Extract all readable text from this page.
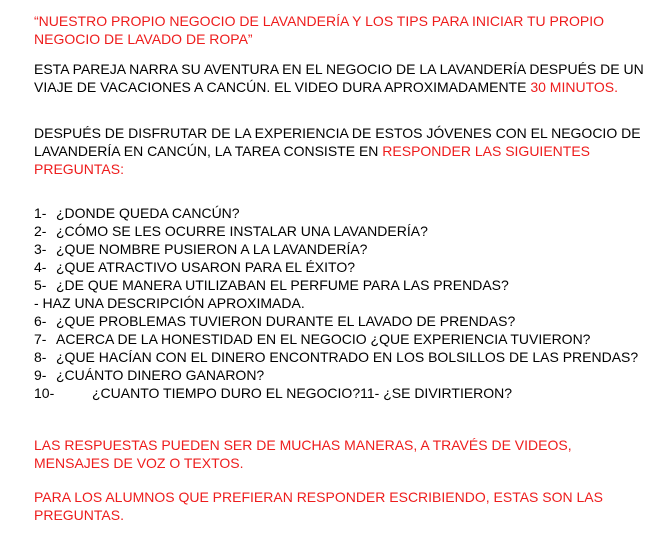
“NUESTRO PROPIO NEGOCIO DE LAVANDERÍA Y LOS TIPS PARA INICIAR TU PROPIO NEGOCIO DE LAVADO DE ROPA”

ESTA PAREJA NARRA SU AVENTURA EN EL NEGOCIO DE LA LAVANDERÍA DESPUÉS DE UN VIAJE DE VACACIONES A CANCÚN. EL VIDEO DURA APROXIMADAMENTE 30 MINUTOS.

DESPUÉS DE DISFRUTAR DE LA EXPERIENCIA DE ESTOS JÓVENES CON EL NEGOCIO DE LAVANDERÍA EN CANCÚN, LA TAREA CONSISTE EN RESPONDER LAS SIGUIENTES PREGUNTAS:

1- ¿DONDE QUEDA CANCÚN?
2- ¿CÓMO SE LES OCURRE INSTALAR UNA LAVANDERÍA?
3- ¿QUE NOMBRE PUSIERON A LA LAVANDERÍA?
4- ¿QUE ATRACTIVO USARON PARA EL ÉXITO?
5- ¿DE QUE MANERA UTILIZABAN EL PERFUME PARA LAS PRENDAS?
- HAZ UNA DESCRIPCIÓN APROXIMADA.
6- ¿QUE PROBLEMAS TUVIERON DURANTE EL LAVADO DE PRENDAS?
7- ACERCA DE LA HONESTIDAD EN EL NEGOCIO ¿QUE EXPERIENCIA TUVIERON?
8- ¿QUE HACÍAN CON EL DINERO ENCONTRADO EN LOS BOLSILLOS DE LAS PRENDAS?
9- ¿CUÁNTO DINERO GANARON?
10-	¿CUANTO TIEMPO DURO EL NEGOCIO?11- ¿SE DIVIRTIERON?

LAS RESPUESTAS PUEDEN SER DE MUCHAS MANERAS, A TRAVÉS DE VIDEOS, MENSAJES DE VOZ O TEXTOS.

PARA LOS ALUMNOS QUE PREFIERAN RESPONDER ESCRIBIENDO, ESTAS SON LAS PREGUNTAS.
